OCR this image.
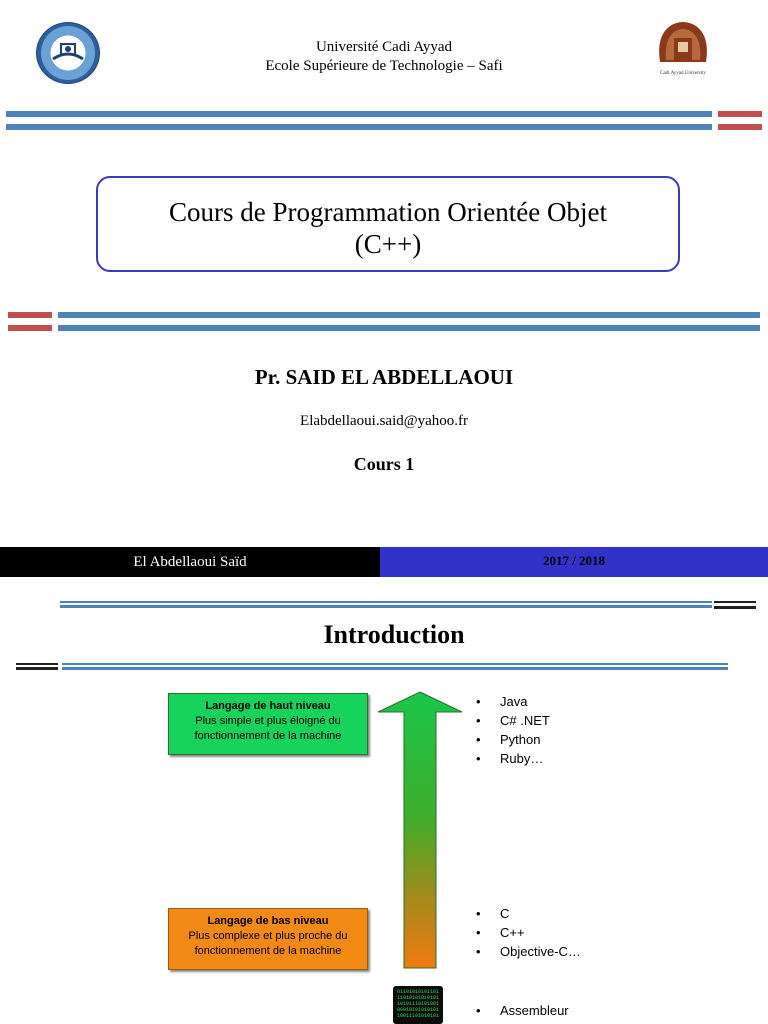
Université Cadi Ayyad
Ecole Supérieure de Technologie – Safi	Cadi Ayyad University
Cours de Programmation Orientée Objet
(C++)
Pr. SAID EL ABDELLAOUI
Elabdellaoui.said@yahoo.fr
Cours 1
El Abdellaoui Saïd	2017 / 2018
Introduction
Langage de haut niveau
Plus simple et plus éloigné du
fonctionnement de la machine
Langage de bas niveau
Plus complexe et plus proche du
fonctionnement de la machine
• Java
• C# .NET
• Python
• Ruby…
• C
• C++
• Objective-C…
01101010101101 11010101010101 10101110101001 00010101010101 10011101010101
•	Assembleur
